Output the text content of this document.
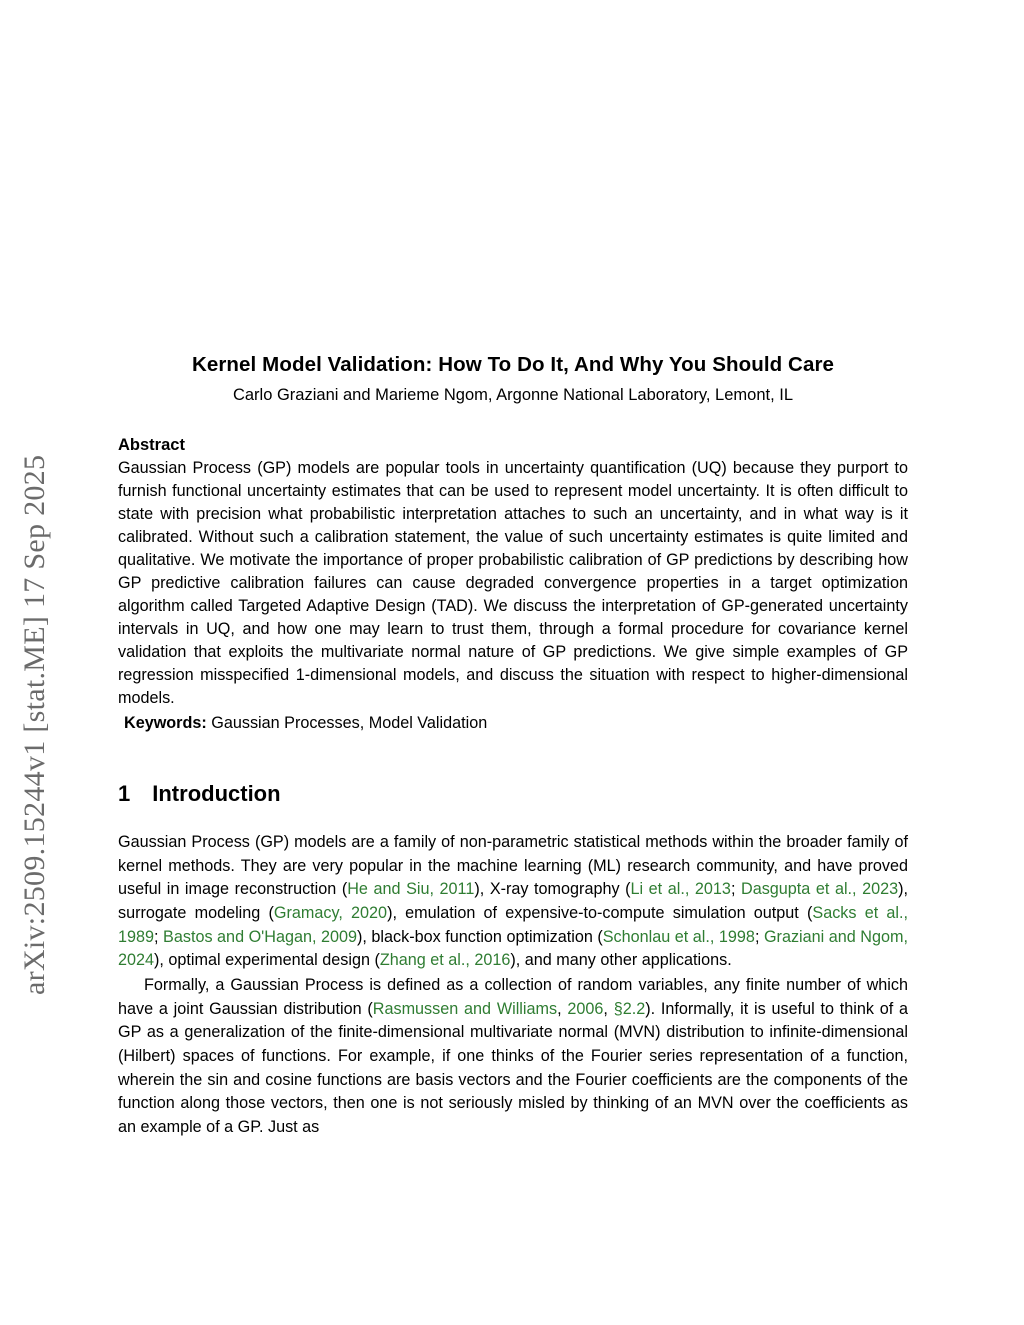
arXiv:2509.15244v1 [stat.ME] 17 Sep 2025
Kernel Model Validation: How To Do It, And Why You Should Care
Carlo Graziani and Marieme Ngom, Argonne National Laboratory, Lemont, IL
Abstract

Gaussian Process (GP) models are popular tools in uncertainty quantification (UQ) because they purport to furnish functional uncertainty estimates that can be used to represent model uncertainty. It is often difficult to state with precision what probabilistic interpretation attaches to such an uncertainty, and in what way is it calibrated. Without such a calibration statement, the value of such uncertainty estimates is quite limited and qualitative. We motivate the importance of proper probabilistic calibration of GP predictions by describing how GP predictive calibration failures can cause degraded convergence properties in a target optimization algorithm called Targeted Adaptive Design (TAD). We discuss the interpretation of GP-generated uncertainty intervals in UQ, and how one may learn to trust them, through a formal procedure for covariance kernel validation that exploits the multivariate normal nature of GP predictions. We give simple examples of GP regression misspecified 1-dimensional models, and discuss the situation with respect to higher-dimensional models.

Keywords: Gaussian Processes, Model Validation
1 Introduction

Gaussian Process (GP) models are a family of non-parametric statistical methods within the broader family of kernel methods. They are very popular in the machine learning (ML) research community, and have proved useful in image reconstruction (He and Siu, 2011), X-ray tomography (Li et al., 2013; Dasgupta et al., 2023), surrogate modeling (Gramacy, 2020), emulation of expensive-to-compute simulation output (Sacks et al., 1989; Bastos and O'Hagan, 2009), black-box function optimization (Schonlau et al., 1998; Graziani and Ngom, 2024), optimal experimental design (Zhang et al., 2016), and many other applications.

Formally, a Gaussian Process is defined as a collection of random variables, any finite number of which have a joint Gaussian distribution (Rasmussen and Williams, 2006, §2.2). Informally, it is useful to think of a GP as a generalization of the finite-dimensional multivariate normal (MVN) distribution to infinite-dimensional (Hilbert) spaces of functions. For example, if one thinks of the Fourier series representation of a function, wherein the sin and cosine functions are basis vectors and the Fourier coefficients are the components of the function along those vectors, then one is not seriously misled by thinking of an MVN over the coefficients as an example of a GP. Just as
